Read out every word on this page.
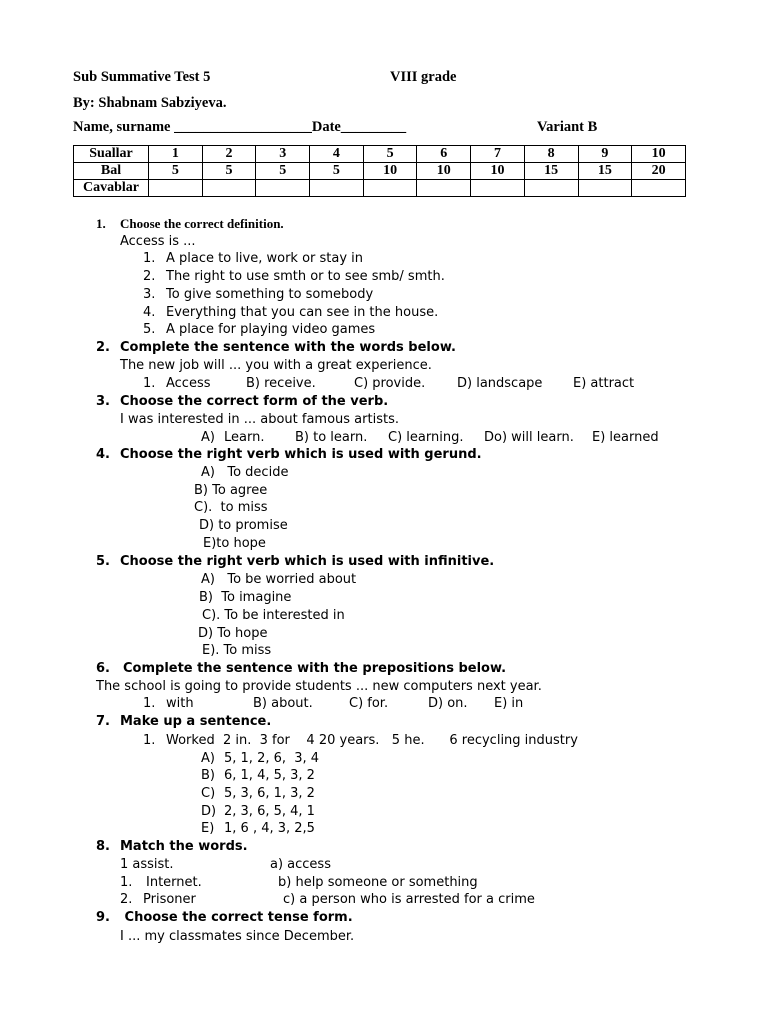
Sub Summative Test 5	VIII grade
By: Shabnam Sabziyeva.
Name, surname ___________________Date_________	Variant B
Suallar	1	2	3	4	5	6	7	8	9	10
Bal	5	5	5	5	10	10	10	15	15	20
Cavablar										
1. Choose the correct definition.
Access is ...
1. A place to live, work or stay in
2. The right to use smth or to see smb/ smth.
3. To give something to somebody
4. Everything that you can see in the house.
5. A place for playing video games
2. Complete the sentence with the words below.
The new job will ... you with a great experience.
1. Access	B) receive.	C) provide. D) landscape E) attract
3. Choose the correct form of the verb.
I was interested in ... about famous artists.
A) Learn. B) to learn. C) learning. Do) will learn. E) learned
4. Choose the right verb which is used with gerund.
A)   To decide
B) To agree
C).  to miss
D) to promise
E)to hope
5. Choose the right verb which is used with infinitive.
A)   To be worried about
B)  To imagine
C). To be interested in
D) To hope
E). To miss
6. Complete the sentence with the prepositions below.
The school is going to provide students ... new computers next year.
1. with	B) about.	C) for.	D) on. E) in
7. Make up a sentence.
1. Worked  2 in.  3 for    4 20 years.   5 he.      6 recycling industry
A) 5, 1, 2, 6,  3, 4
B) 6, 1, 4, 5, 3, 2
C) 5, 3, 6, 1, 3, 2
D) 2, 3, 6, 5, 4, 1
E) 1, 6 , 4, 3, 2,5
8. Match the words.
1 assist.	a) access
1. Internet.	b) help someone or something
2. Prisoner	c) a person who is arrested for a crime
9. Choose the correct tense form.
I ... my classmates since December.
